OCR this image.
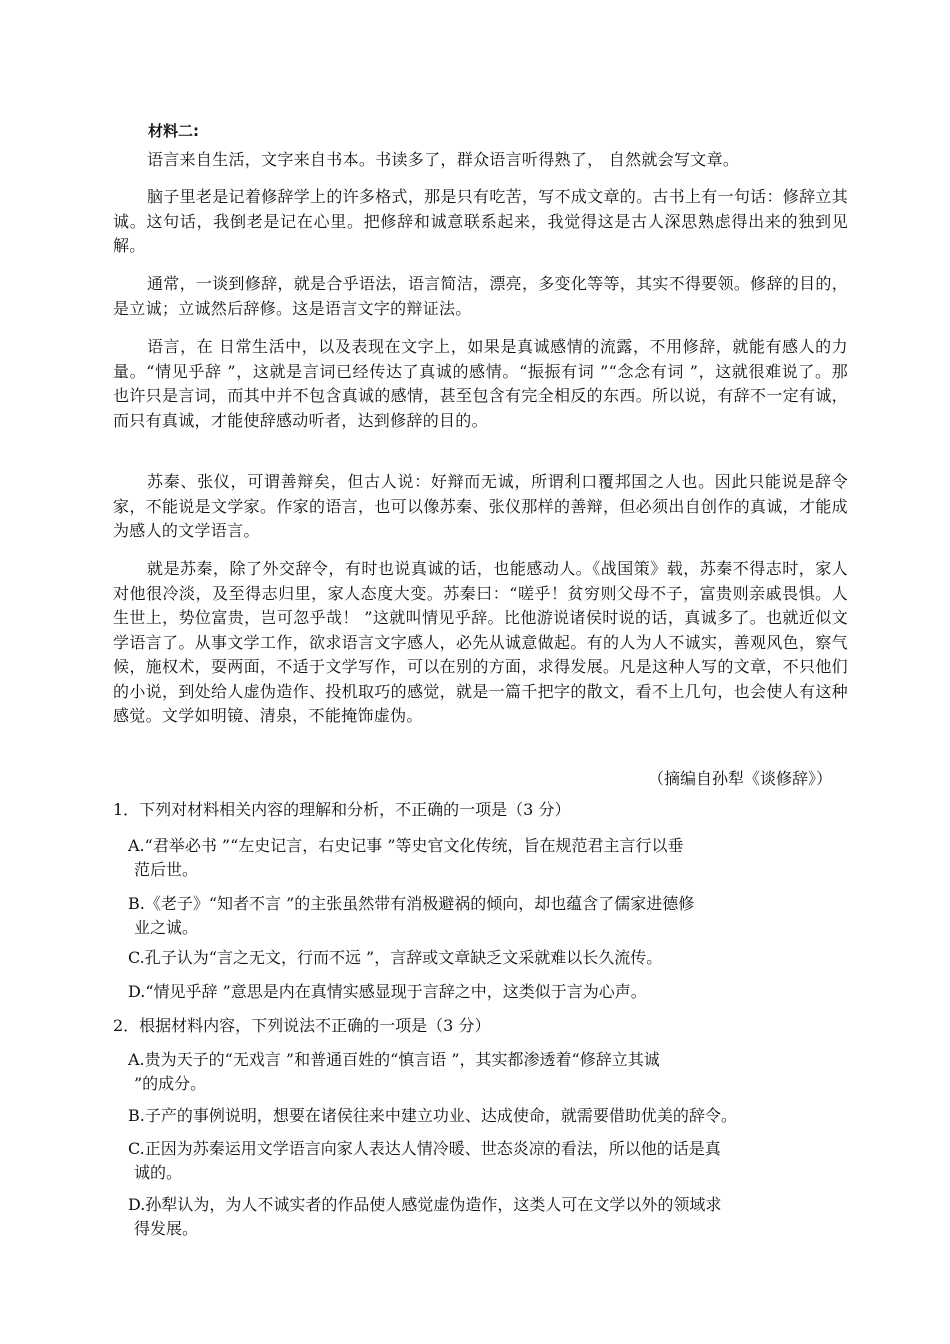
材料二:

语言来自生活，文字来自书本。书读多了，群众语言听得熟了， 自然就会写文章。

脑子里老是记着修辞学上的许多格式，那是只有吃苦，写不成文章的。古书上有一句话：修辞立其诚。这句话，我倒老是记在心里。把修辞和诚意联系起来，我觉得这是古人深思熟虑得出来的独到见解。

通常，一谈到修辞，就是合乎语法，语言简洁，漂亮，多变化等等，其实不得要领。修辞的目的，是立诚；立诚然后辞修。这是语言文字的辩证法。

语言，在 日常生活中，以及表现在文字上，如果是真诚感情的流露，不用修辞，就能有感人的力量。“情见乎辞 ”，这就是言词已经传达了真诚的感情。“振振有词 ”“念念有词 ”，这就很难说了。那也许只是言词，而其中并不包含真诚的感情，甚至包含有完全相反的东西。所以说，有辞不一定有诚，而只有真诚，才能使辞感动听者，达到修辞的目的。

苏秦、张仪，可谓善辩矣，但古人说：好辩而无诚，所谓利口覆邦国之人也。因此只能说是辞令家，不能说是文学家。作家的语言，也可以像苏秦、张仪那样的善辩，但必须出自创作的真诚，才能成为感人的文学语言。

就是苏秦，除了外交辞令，有时也说真诚的话，也能感动人。《战国策》载，苏秦不得志时，家人对他很冷淡，及至得志归里，家人态度大变。苏秦曰：“嗟乎！贫穷则父母不子，富贵则亲戚畏惧。人生世上，势位富贵，岂可忽乎哉！ ”这就叫情见乎辞。比他游说诸侯时说的话，真诚多了。也就近似文学语言了。从事文学工作，欲求语言文字感人，必先从诚意做起。有的人为人不诚实，善观风色，察气候，施权术，耍两面，不适于文学写作，可以在别的方面，求得发展。凡是这种人写的文章，不只他们的小说，到处给人虚伪造作、投机取巧的感觉，就是一篇千把字的散文，看不上几句，也会使人有这种感觉。文学如明镜、清泉，不能掩饰虚伪。

（摘编自孙犁《谈修辞》）

1．下列对材料相关内容的理解和分析，不正确的一项是（3 分）

A.“君举必书 ”“左史记言，右史记事 ”等史官文化传统，旨在规范君主言行以垂
范后世。
B.《老子》“知者不言 ”的主张虽然带有消极避祸的倾向，却也蕴含了儒家进德修
业之诚。
C.孔子认为“言之无文，行而不远 ”，言辞或文章缺乏文采就难以长久流传。
D.“情见乎辞 ”意思是内在真情实感显现于言辞之中，这类似于言为心声。

2．根据材料内容，下列说法不正确的一项是（3 分）

A.贵为天子的“无戏言 ”和普通百姓的“慎言语 ”，其实都渗透着“修辞立其诚
”的成分。
B.子产的事例说明，想要在诸侯往来中建立功业、达成使命，就需要借助优美的辞令。
C.正因为苏秦运用文学语言向家人表达人情冷暖、世态炎凉的看法，所以他的话是真
诚的。
D.孙犁认为，为人不诚实者的作品使人感觉虚伪造作，这类人可在文学以外的领域求
得发展。
